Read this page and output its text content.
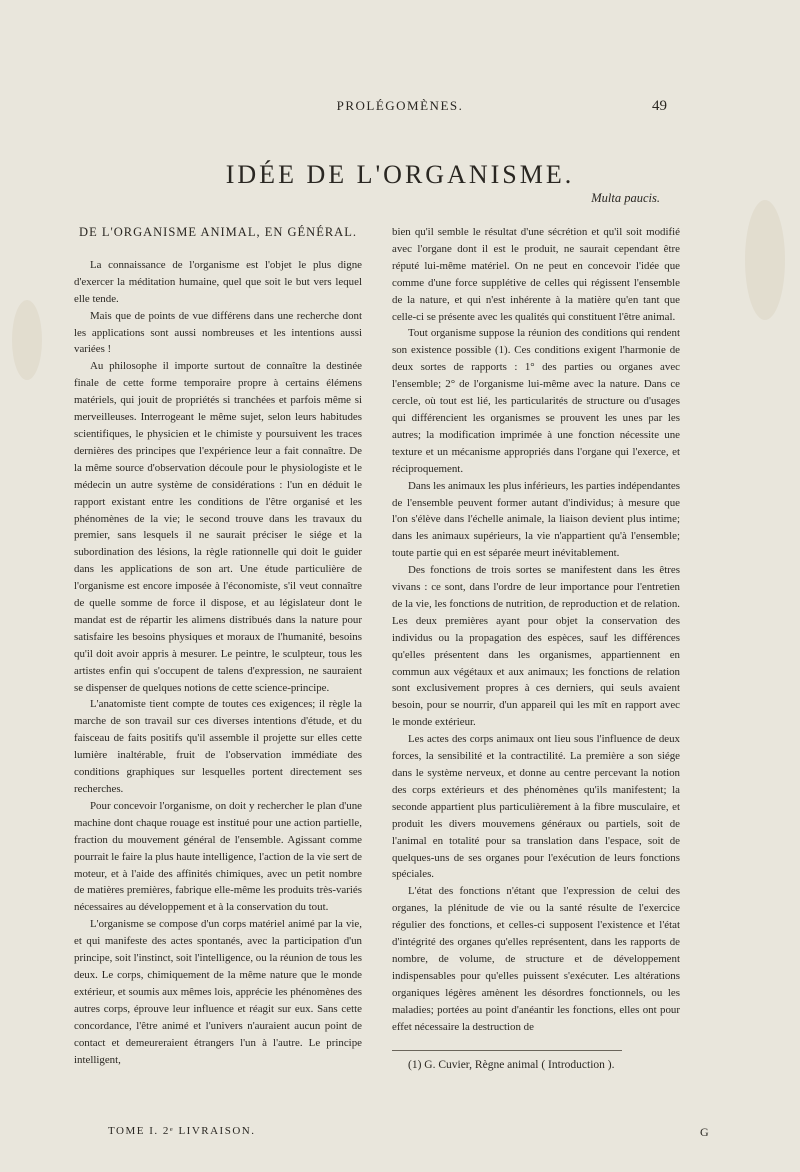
PROLÉGOMÈNES.	49
IDÉE DE L'ORGANISME.
DE L'ORGANISME ANIMAL, EN GÉNÉRAL.

La connaissance de l'organisme est l'objet le plus digne d'exercer la méditation humaine, quel que soit le but vers lequel elle tende.

Mais que de points de vue différens dans une recherche dont les applications sont aussi nombreuses et les intentions aussi variées !

Au philosophe il importe surtout de connaître la destinée finale de cette forme temporaire propre à certains élémens matériels, qui jouit de propriétés si tranchées et parfois même si merveilleuses. Interrogeant le même sujet, selon leurs habitudes scientifiques, le physicien et le chimiste y poursuivent les traces dernières des principes que l'expérience leur a fait connaître. De la même source d'observation découle pour le physiologiste et le médecin un autre système de considérations : l'un en déduit le rapport existant entre les conditions de l'être organisé et les phénomènes de la vie; le second trouve dans les travaux du premier, sans lesquels il ne saurait préciser le siége et la subordination des lésions, la règle rationnelle qui doit le guider dans les applications de son art. Une étude particulière de l'organisme est encore imposée à l'économiste, s'il veut connaître de quelle somme de force il dispose, et au législateur dont le mandat est de répartir les alimens distribués dans la nature pour satisfaire les besoins physiques et moraux de l'humanité, besoins qu'il doit avoir appris à mesurer. Le peintre, le sculpteur, tous les artistes enfin qui s'occupent de talens d'expression, ne sauraient se dispenser de quelques notions de cette science-principe.

L'anatomiste tient compte de toutes ces exigences; il règle la marche de son travail sur ces diverses intentions d'étude, et du faisceau de faits positifs qu'il assemble il projette sur elles cette lumière inaltérable, fruit de l'observation immédiate des conditions graphiques sur lesquelles portent directement ses recherches.

Pour concevoir l'organisme, on doit y rechercher le plan d'une machine dont chaque rouage est institué pour une action partielle, fraction du mouvement général de l'ensemble. Agissant comme pourrait le faire la plus haute intelligence, l'action de la vie sert de moteur, et à l'aide des affinités chimiques, avec un petit nombre de matières premières, fabrique elle-même les produits très-variés nécessaires au développement et à la conservation du tout.

L'organisme se compose d'un corps matériel animé par la vie, et qui manifeste des actes spontanés, avec la participation d'un principe, soit l'instinct, soit l'intelligence, ou la réunion de tous les deux. Le corps, chimiquement de la même nature que le monde extérieur, et soumis aux mêmes lois, apprécie les phénomènes des autres corps, éprouve leur influence et réagit sur eux. Sans cette concordance, l'être animé et l'univers n'auraient aucun point de contact et demeureraient étrangers l'un à l'autre. Le principe intelligent,

Multa paucis.

bien qu'il semble le résultat d'une sécrétion et qu'il soit modifié avec l'organe dont il est le produit, ne saurait cependant être réputé lui-même matériel. On ne peut en concevoir l'idée que comme d'une force supplétive de celles qui régissent l'ensemble de la nature, et qui n'est inhérente à la matière qu'en tant que celle-ci se présente avec les qualités qui constituent l'être animal.

Tout organisme suppose la réunion des conditions qui rendent son existence possible (1). Ces conditions exigent l'harmonie de deux sortes de rapports : 1° des parties ou organes avec l'ensemble; 2° de l'organisme lui-même avec la nature. Dans ce cercle, où tout est lié, les particularités de structure ou d'usages qui différencient les organismes se prouvent les unes par les autres; la modification imprimée à une fonction nécessite une texture et un mécanisme appropriés dans l'organe qui l'exerce, et réciproquement.

Dans les animaux les plus inférieurs, les parties indépendantes de l'ensemble peuvent former autant d'individus; à mesure que l'on s'élève dans l'échelle animale, la liaison devient plus intime; dans les animaux supérieurs, la vie n'appartient qu'à l'ensemble; toute partie qui en est séparée meurt inévitablement.

Des fonctions de trois sortes se manifestent dans les êtres vivans : ce sont, dans l'ordre de leur importance pour l'entretien de la vie, les fonctions de nutrition, de reproduction et de relation. Les deux premières ayant pour objet la conservation des individus ou la propagation des espèces, sauf les différences qu'elles présentent dans les organismes, appartiennent en commun aux végétaux et aux animaux; les fonctions de relation sont exclusivement propres à ces derniers, qui seuls avaient besoin, pour se nourrir, d'un appareil qui les mît en rapport avec le monde extérieur.

Les actes des corps animaux ont lieu sous l'influence de deux forces, la sensibilité et la contractilité. La première a son siége dans le système nerveux, et donne au centre percevant la notion des corps extérieurs et des phénomènes qu'ils manifestent; la seconde appartient plus particulièrement à la fibre musculaire, et produit les divers mouvemens généraux ou partiels, soit de l'animal en totalité pour sa translation dans l'espace, soit de quelques-uns de ses organes pour l'exécution de leurs fonctions spéciales.

L'état des fonctions n'étant que l'expression de celui des organes, la plénitude de vie ou la santé résulte de l'exercice régulier des fonctions, et celles-ci supposent l'existence et l'état d'intégrité des organes qu'elles représentent, dans les rapports de nombre, de volume, de structure et de développement indispensables pour qu'elles puissent s'exécuter. Les altérations organiques légères amènent les désordres fonctionnels, ou les maladies; portées au point d'anéantir les fonctions, elles ont pour effet nécessaire la destruction de

(1) G. Cuvier, Règne animal ( Introduction ).

TOME I. 2ᵉ LIVRAISON.	G
